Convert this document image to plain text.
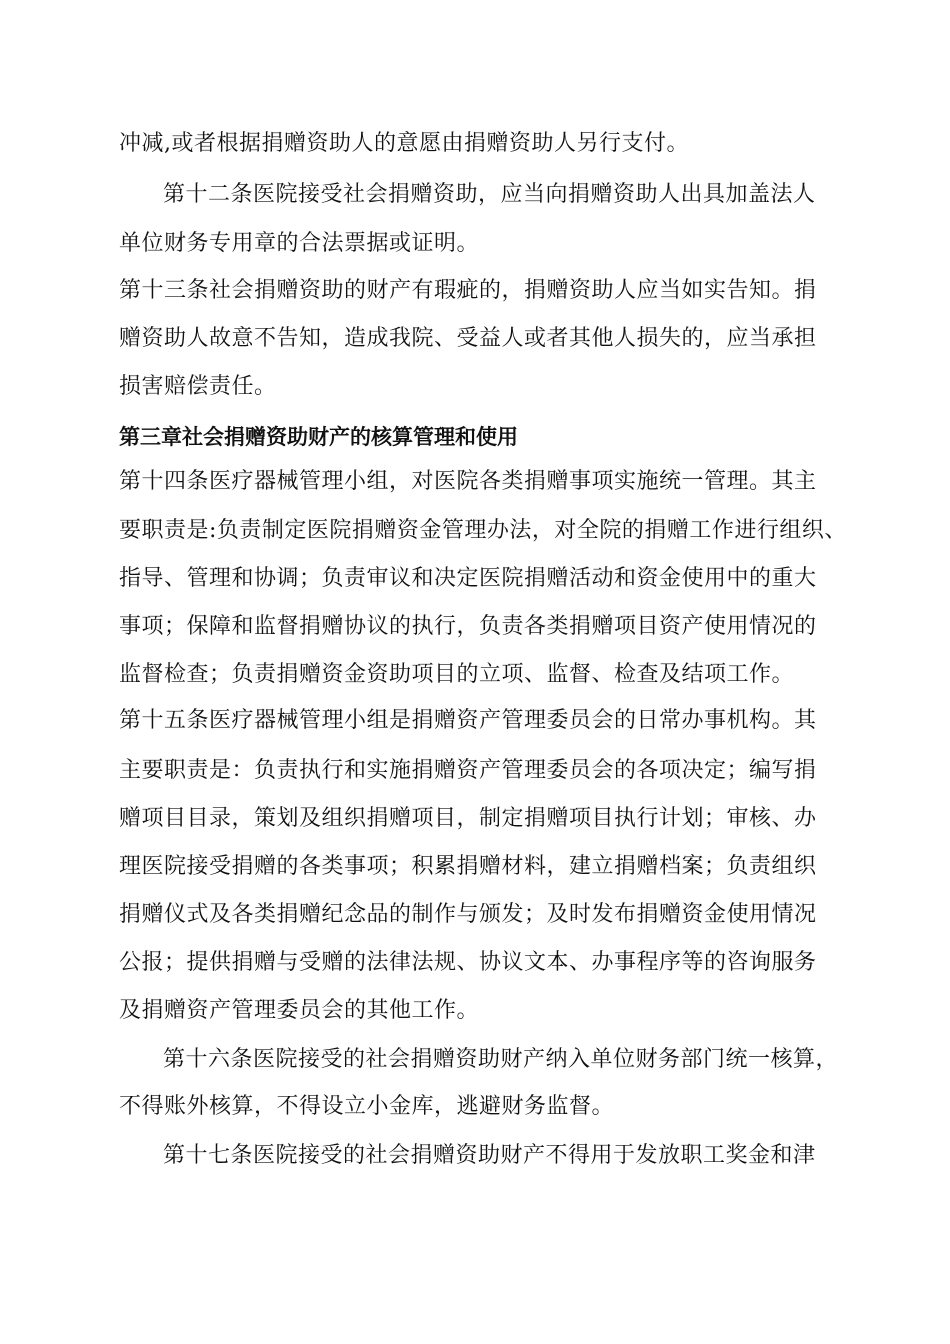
冲减,或者根据捐赠资助人的意愿由捐赠资助人另行支付。
第十二条医院接受社会捐赠资助，应当向捐赠资助人出具加盖法人
单位财务专用章的合法票据或证明。
第十三条社会捐赠资助的财产有瑕疵的，捐赠资助人应当如实告知。捐
赠资助人故意不告知，造成我院、受益人或者其他人损失的，应当承担
损害赔偿责任。
第三章社会捐赠资助财产的核算管理和使用
第十四条医疗器械管理小组，对医院各类捐赠事项实施统一管理。其主
要职责是:负责制定医院捐赠资金管理办法，对全院的捐赠工作进行组织、
指导、管理和协调；负责审议和决定医院捐赠活动和资金使用中的重大
事项；保障和监督捐赠协议的执行，负责各类捐赠项目资产使用情况的
监督检查；负责捐赠资金资助项目的立项、监督、检查及结项工作。
第十五条医疗器械管理小组是捐赠资产管理委员会的日常办事机构。其
主要职责是：负责执行和实施捐赠资产管理委员会的各项决定；编写捐
赠项目目录，策划及组织捐赠项目，制定捐赠项目执行计划；审核、办
理医院接受捐赠的各类事项；积累捐赠材料，建立捐赠档案；负责组织
捐赠仪式及各类捐赠纪念品的制作与颁发；及时发布捐赠资金使用情况
公报；提供捐赠与受赠的法律法规、协议文本、办事程序等的咨询服务
及捐赠资产管理委员会的其他工作。
第十六条医院接受的社会捐赠资助财产纳入单位财务部门统一核算，
不得账外核算，不得设立小金库，逃避财务监督。
第十七条医院接受的社会捐赠资助财产不得用于发放职工奖金和津
